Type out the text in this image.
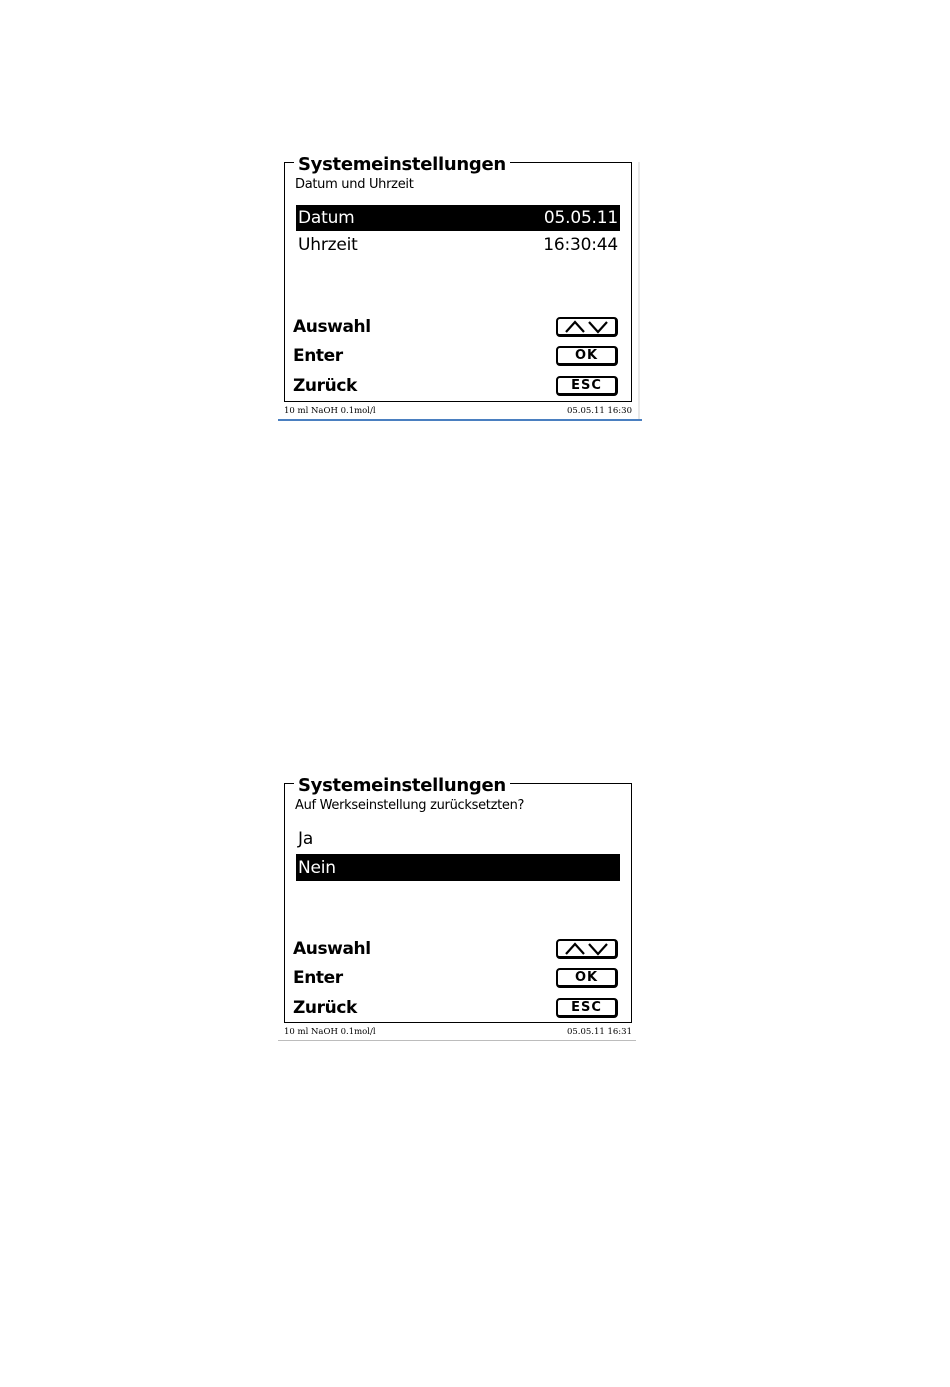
Systemeinstellungen
Datum und Uhrzeit
Datum	05.05.11
Uhrzeit	16:30:44
Auswahl
Enter	OK
Zurück	ESC
10 ml NaOH 0.1mol/l	05.05.11 16:30
Systemeinstellungen
Auf Werkseinstellung zurücksetzten?
Ja
Nein
Auswahl
Enter	OK
Zurück	ESC
10 ml NaOH 0.1mol/l	05.05.11 16:31
